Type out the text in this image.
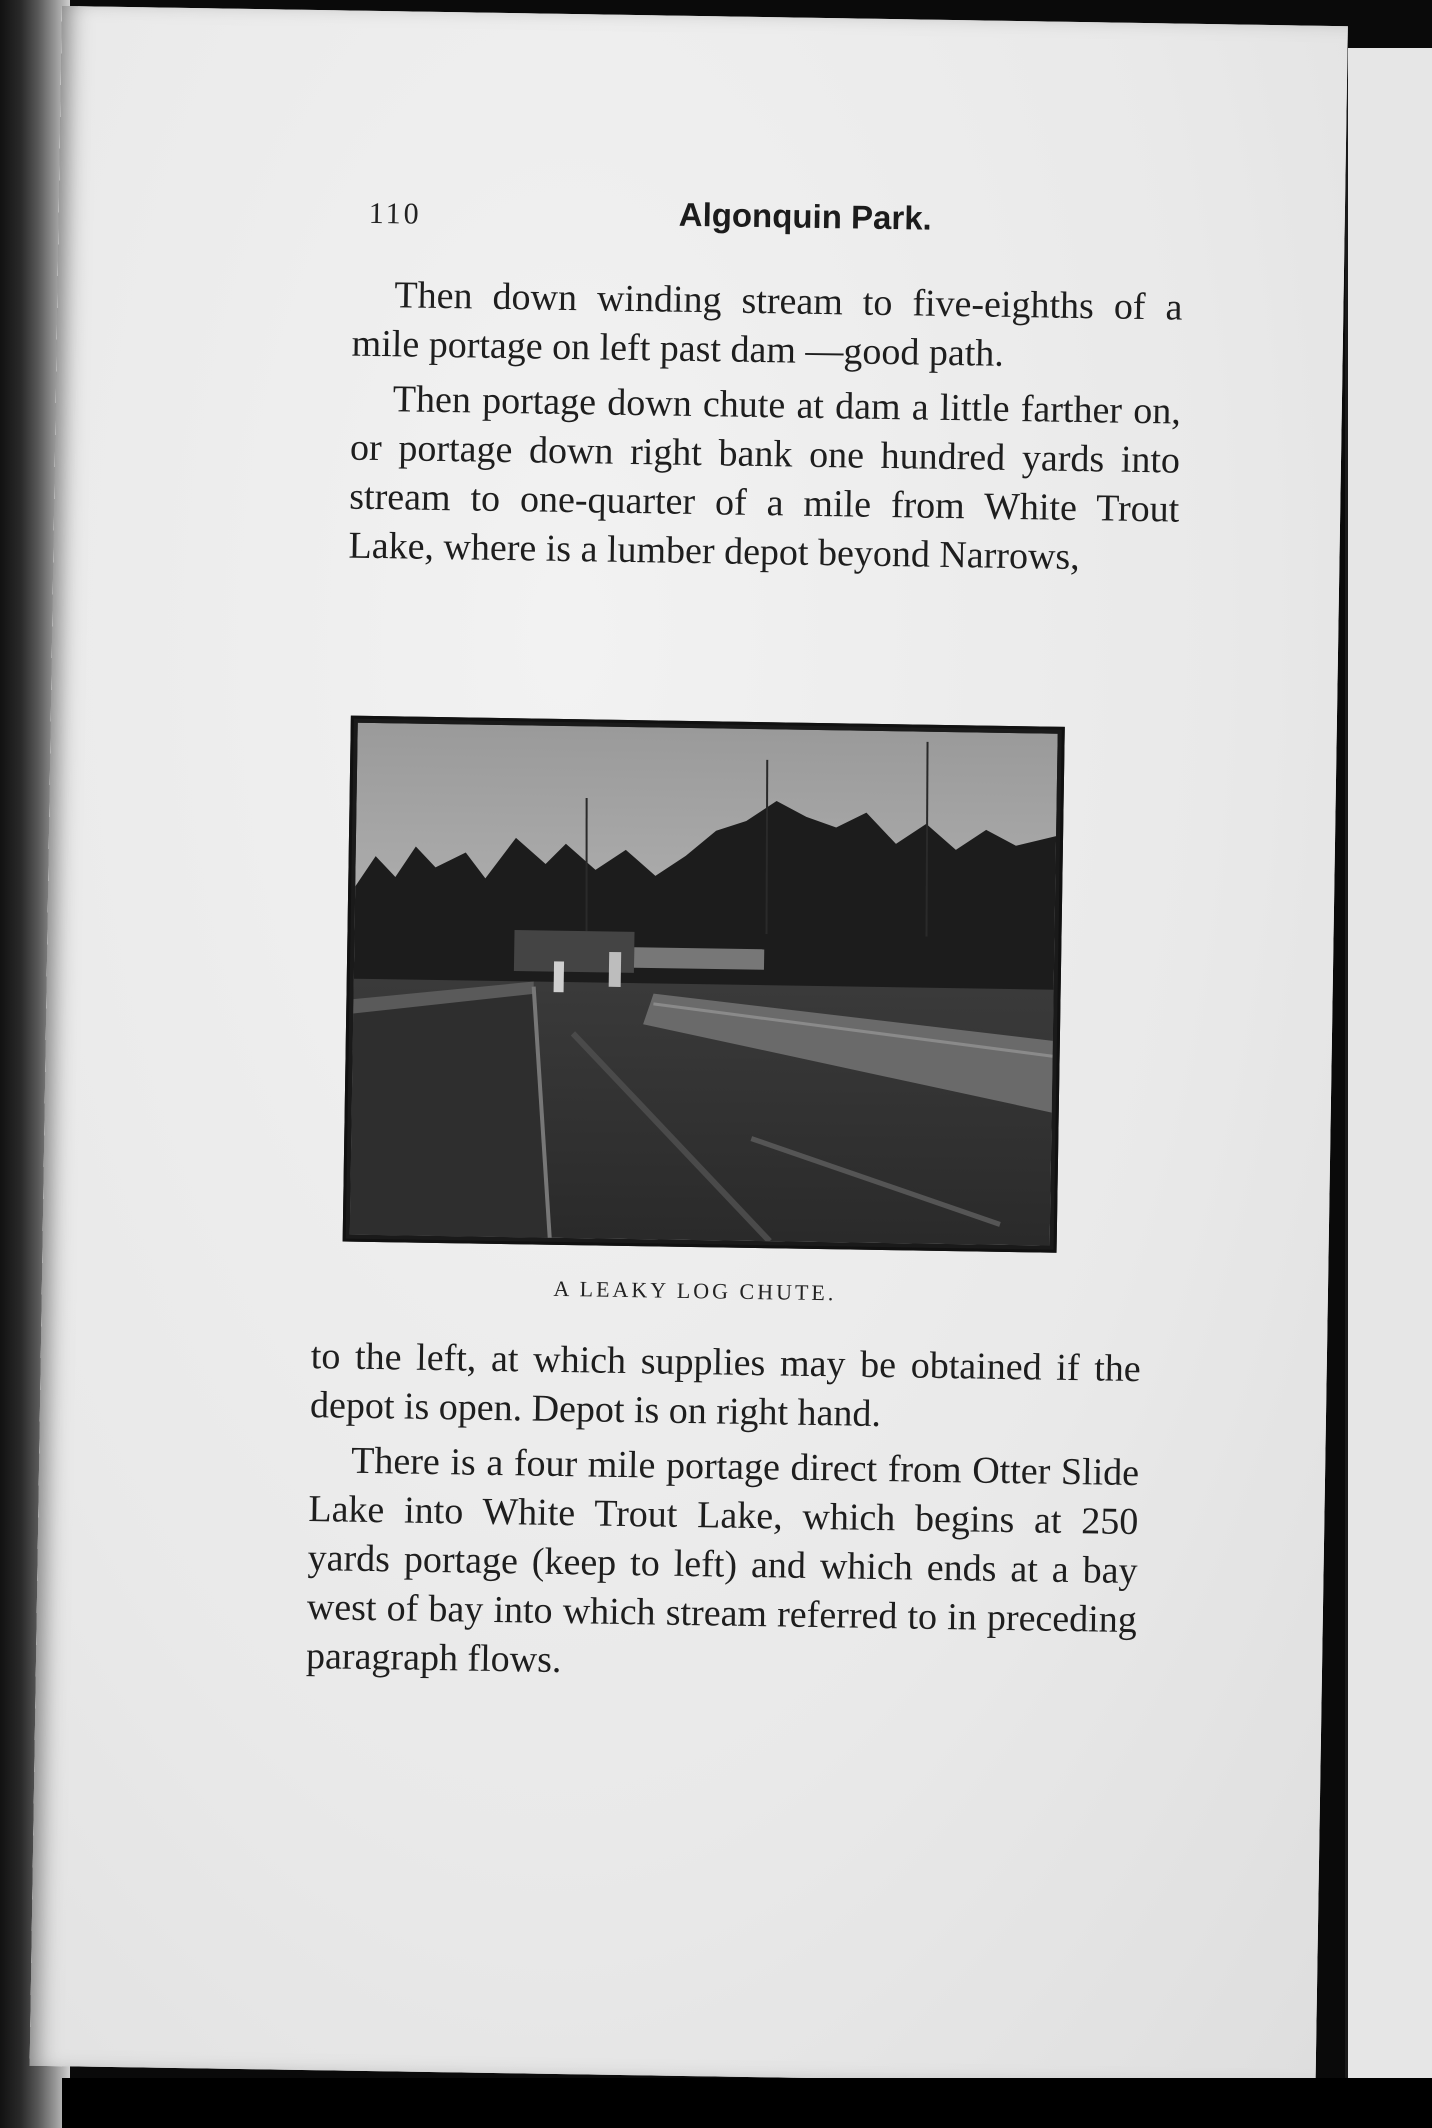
110	Algonquin Park.

Then down winding stream to five-eighths of a mile portage on left past dam —good path.

Then portage down chute at dam a little farther on, or portage down right bank one hundred yards into stream to one-quarter of a mile from White Trout Lake, where is a lumber depot beyond Narrows,

A LEAKY LOG CHUTE.

to the left, at which supplies may be obtained if the depot is open. Depot is on right hand.

There is a four mile portage direct from Otter Slide Lake into White Trout Lake, which begins at 250 yards portage (keep to left) and which ends at a bay west of bay into which stream referred to in preceding paragraph flows.
